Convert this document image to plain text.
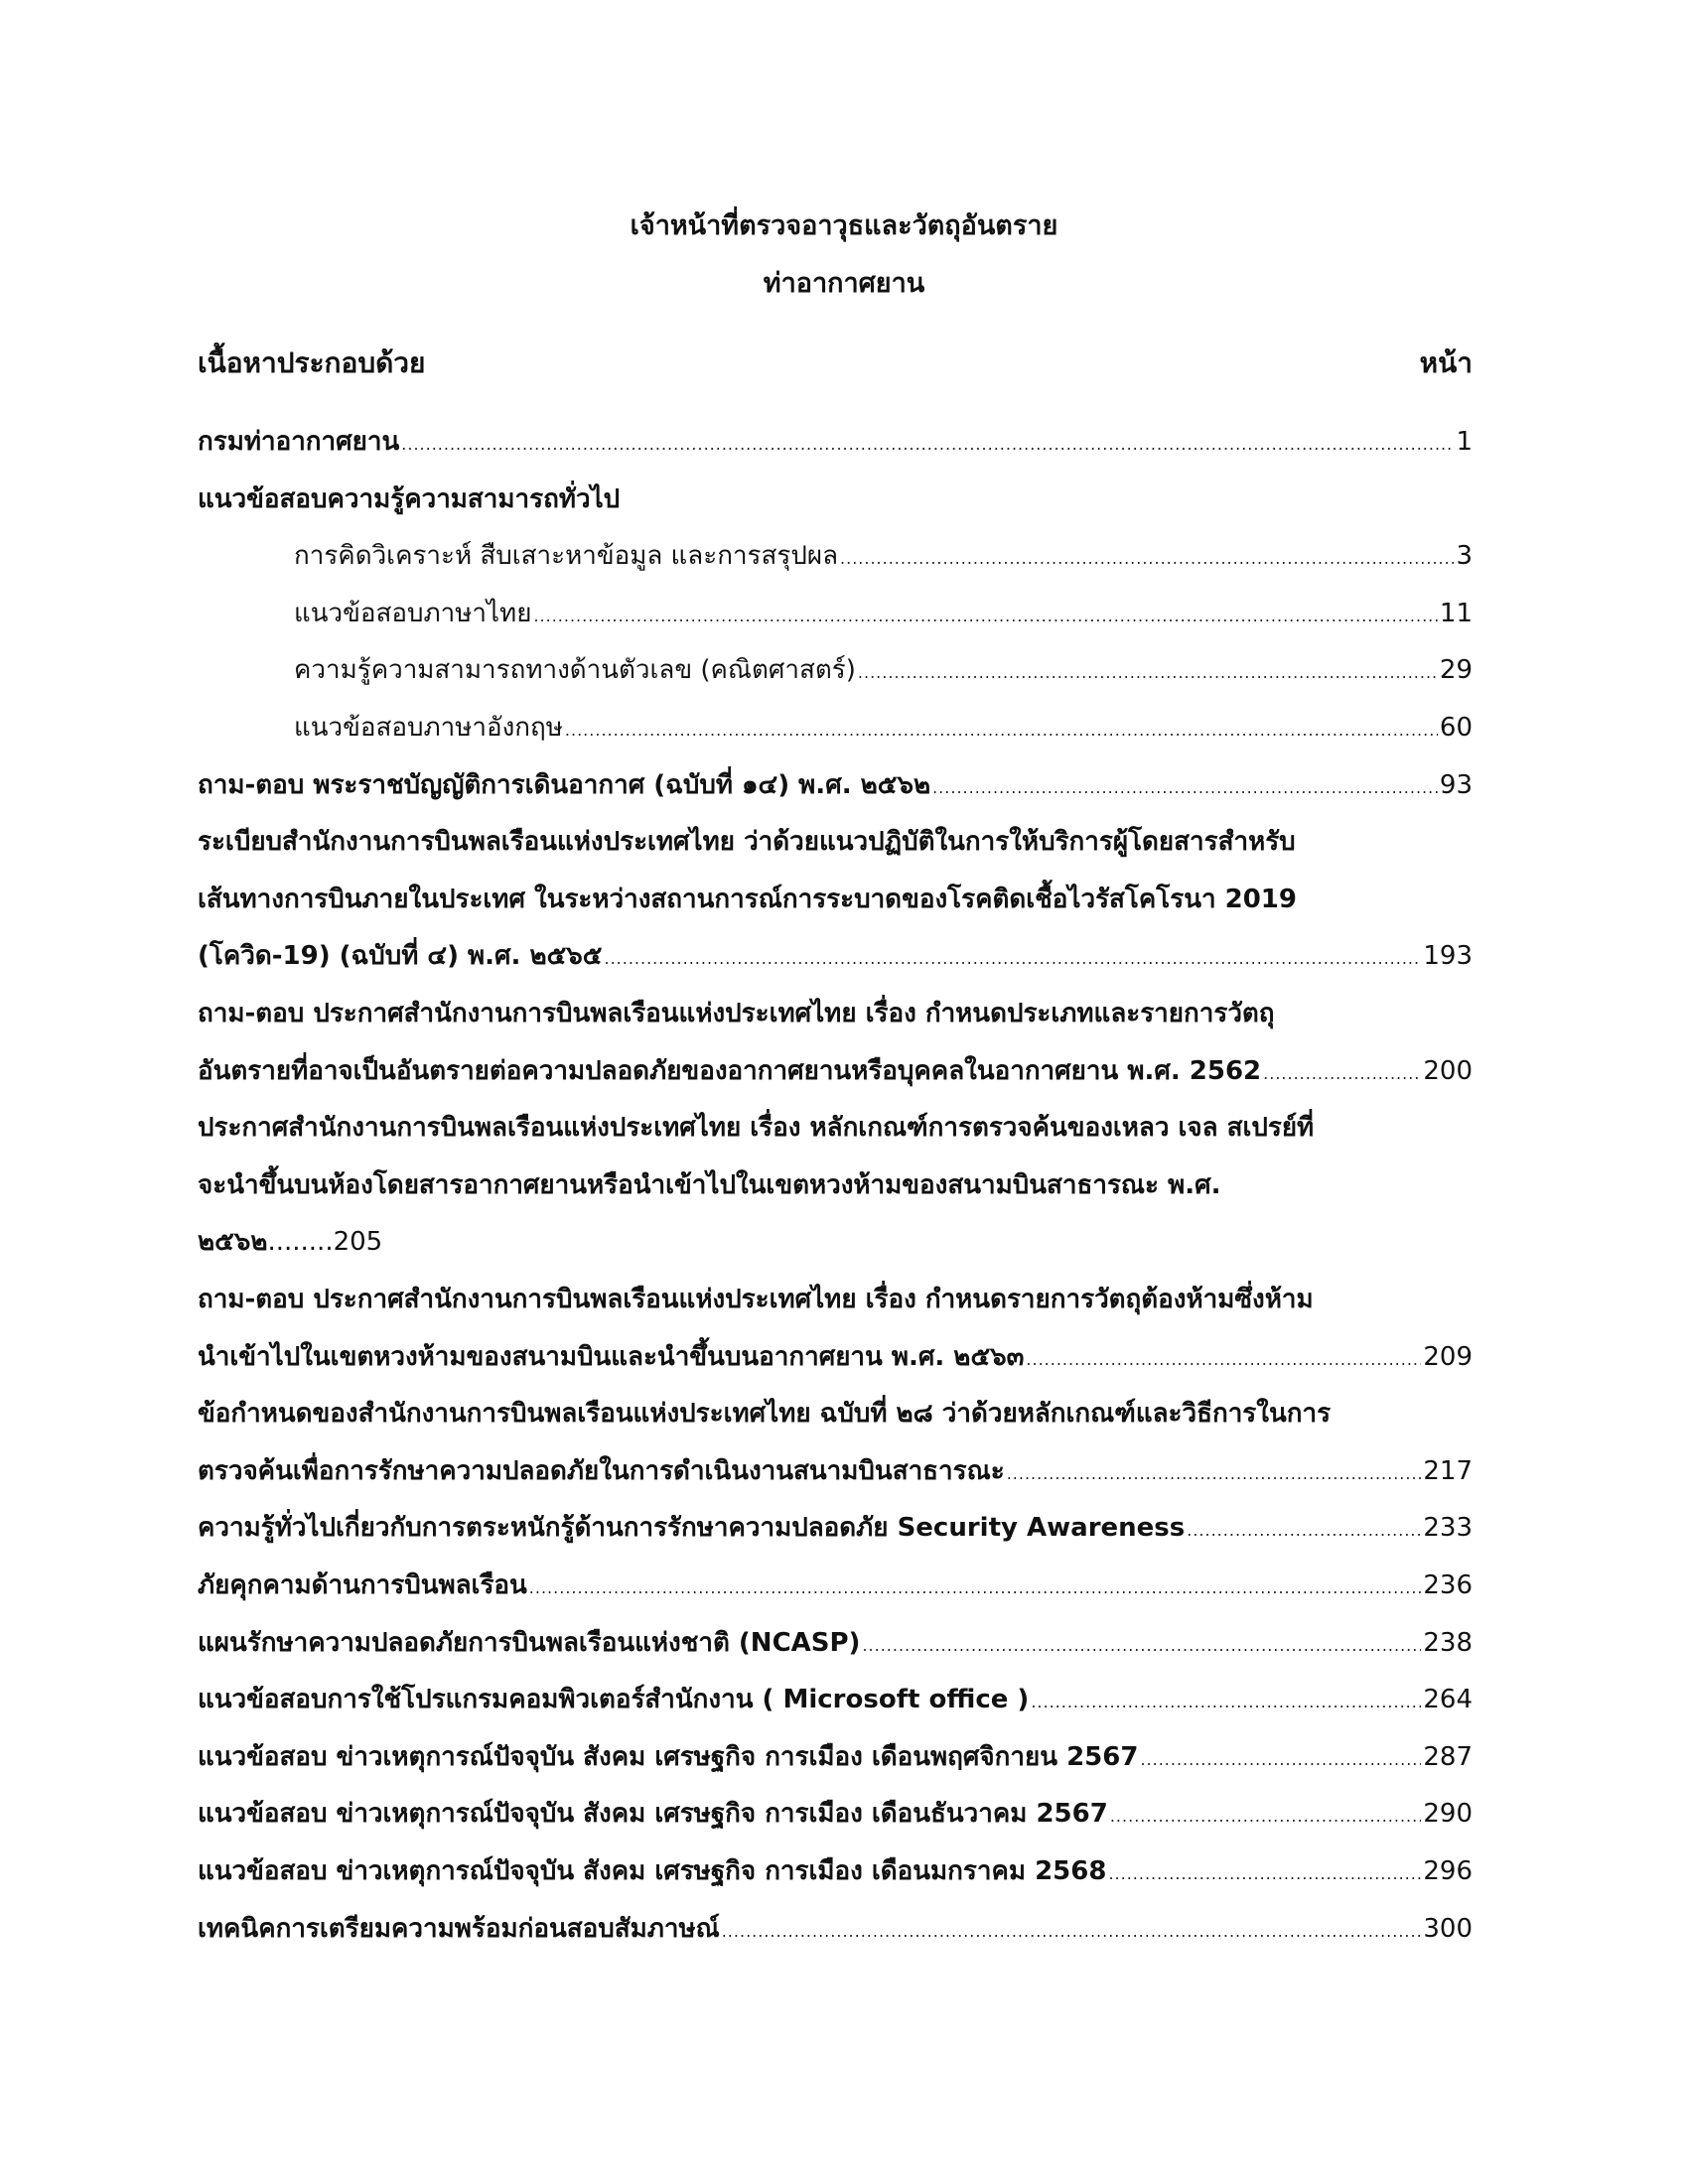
เจ้าหน้าที่ตรวจอาวุธและวัตถุอันตราย
ท่าอากาศยาน
เนื้อหาประกอบด้วย	หน้า
กรมท่าอากาศยาน .....	1
แนวข้อสอบความรู้ความสามารถทั่วไป
การคิดวิเคราะห์ สืบเสาะหาข้อมูล และการสรุปผล .....	3
แนวข้อสอบภาษาไทย .....	11
ความรู้ความสามารถทางด้านตัวเลข (คณิตศาสตร์) .....	29
แนวข้อสอบภาษาอังกฤษ .....	60
ถาม-ตอบ พระราชบัญญัติการเดินอากาศ (ฉบับที่ ๑๔) พ.ศ. ๒๕๖๒ .....	93
ระเบียบสำนักงานการบินพลเรือนแห่งประเทศไทย ว่าด้วยแนวปฏิบัติในการให้บริการผู้โดยสารสำหรับ
เส้นทางการบินภายในประเทศ ในระหว่างสถานการณ์การระบาดของโรคติดเชื้อไวรัสโคโรนา 2019
(โควิด-19) (ฉบับที่ ๔) พ.ศ. ๒๕๖๕ .....	193
ถาม-ตอบ ประกาศสำนักงานการบินพลเรือนแห่งประเทศไทย เรื่อง กำหนดประเภทและรายการวัตถุ
อันตรายที่อาจเป็นอันตรายต่อความปลอดภัยของอากาศยานหรือบุคคลในอากาศยาน พ.ศ. 2562 .....	200
ประกาศสำนักงานการบินพลเรือนแห่งประเทศไทย เรื่อง หลักเกณฑ์การตรวจค้นของเหลว เจล สเปรย์ที่
จะนำขึ้นบนห้องโดยสารอากาศยานหรือนำเข้าไปในเขตหวงห้ามของสนามบินสาธารณะ พ.ศ.
๒๕๖๒ ........205
ถาม-ตอบ ประกาศสำนักงานการบินพลเรือนแห่งประเทศไทย เรื่อง กำหนดรายการวัตถุต้องห้ามซึ่งห้าม
นำเข้าไปในเขตหวงห้ามของสนามบินและนำขึ้นบนอากาศยาน พ.ศ. ๒๕๖๓ .....	209
ข้อกำหนดของสำนักงานการบินพลเรือนแห่งประเทศไทย ฉบับที่ ๒๘ ว่าด้วยหลักเกณฑ์และวิธีการในการ
ตรวจค้นเพื่อการรักษาความปลอดภัยในการดำเนินงานสนามบินสาธารณะ .....	217
ความรู้ทั่วไปเกี่ยวกับการตระหนักรู้ด้านการรักษาความปลอดภัย Security Awareness .....	233
ภัยคุกคามด้านการบินพลเรือน .....	236
แผนรักษาความปลอดภัยการบินพลเรือนแห่งชาติ (NCASP) .....	238
แนวข้อสอบการใช้โปรแกรมคอมพิวเตอร์สำนักงาน ( Microsoft office ) .....	264
แนวข้อสอบ ข่าวเหตุการณ์ปัจจุบัน สังคม เศรษฐกิจ การเมือง เดือนพฤศจิกายน 2567 .....	287
แนวข้อสอบ ข่าวเหตุการณ์ปัจจุบัน สังคม เศรษฐกิจ การเมือง เดือนธันวาคม 2567 .....	290
แนวข้อสอบ ข่าวเหตุการณ์ปัจจุบัน สังคม เศรษฐกิจ การเมือง เดือนมกราคม 2568 .....	296
เทคนิคการเตรียมความพร้อมก่อนสอบสัมภาษณ์ .....	300
